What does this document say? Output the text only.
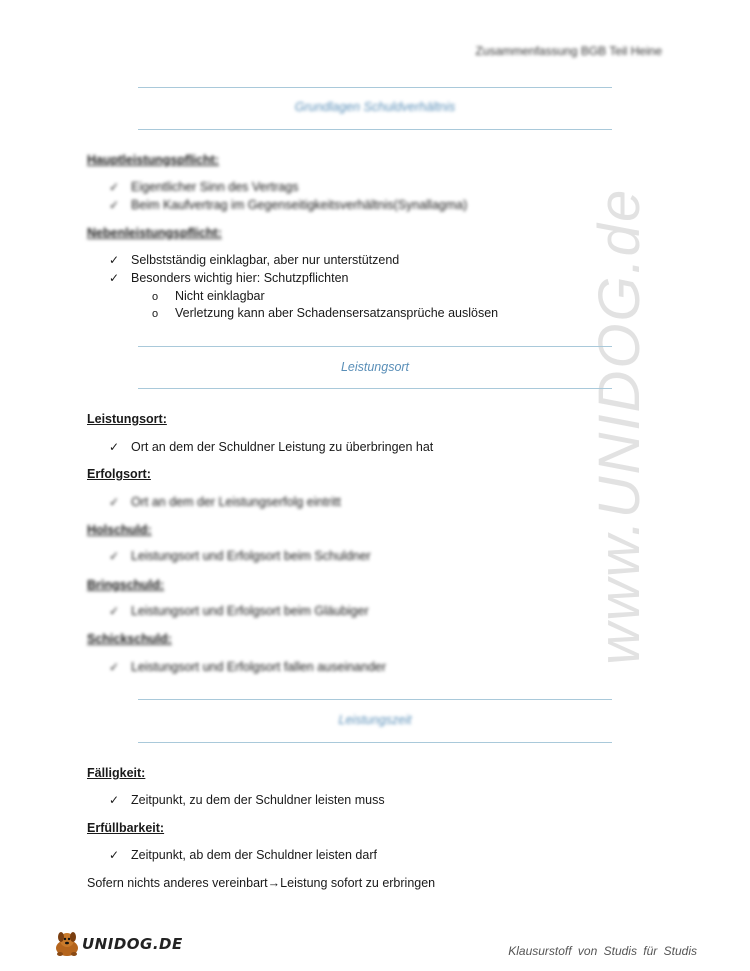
www.UNIDOG.de
Zusammenfassung BGB Teil Heine
Grundlagen Schuldverhältnis
Hauptleistungspflicht:
✓ Eigentlicher Sinn des Vertrags
✓ Beim Kaufvertrag im Gegenseitigkeitsverhältnis(Synallagma)
Nebenleistungspflicht:
✓ Selbstständig einklagbar, aber nur unterstützend
✓ Besonders wichtig hier: Schutzpflichten
o	Nicht einklagbar
o	Verletzung kann aber Schadensersatzansprüche auslösen
Leistungsort
Leistungsort:
✓ Ort an dem der Schuldner Leistung zu überbringen hat
Erfolgsort:
✓ Ort an dem der Leistungserfolg eintritt
Holschuld:
✓ Leistungsort und Erfolgsort beim Schuldner
Bringschuld:
✓ Leistungsort und Erfolgsort beim Gläubiger
Schickschuld:
✓ Leistungsort und Erfolgsort fallen auseinander
Leistungszeit
Fälligkeit:
✓ Zeitpunkt, zu dem der Schuldner leisten muss
Erfüllbarkeit:
✓ Zeitpunkt, ab dem der Schuldner leisten darf
Sofern nichts anderes vereinbart→Leistung sofort zu erbringen
UNIDOG.DE	Klausurstoff von Studis für Studis
